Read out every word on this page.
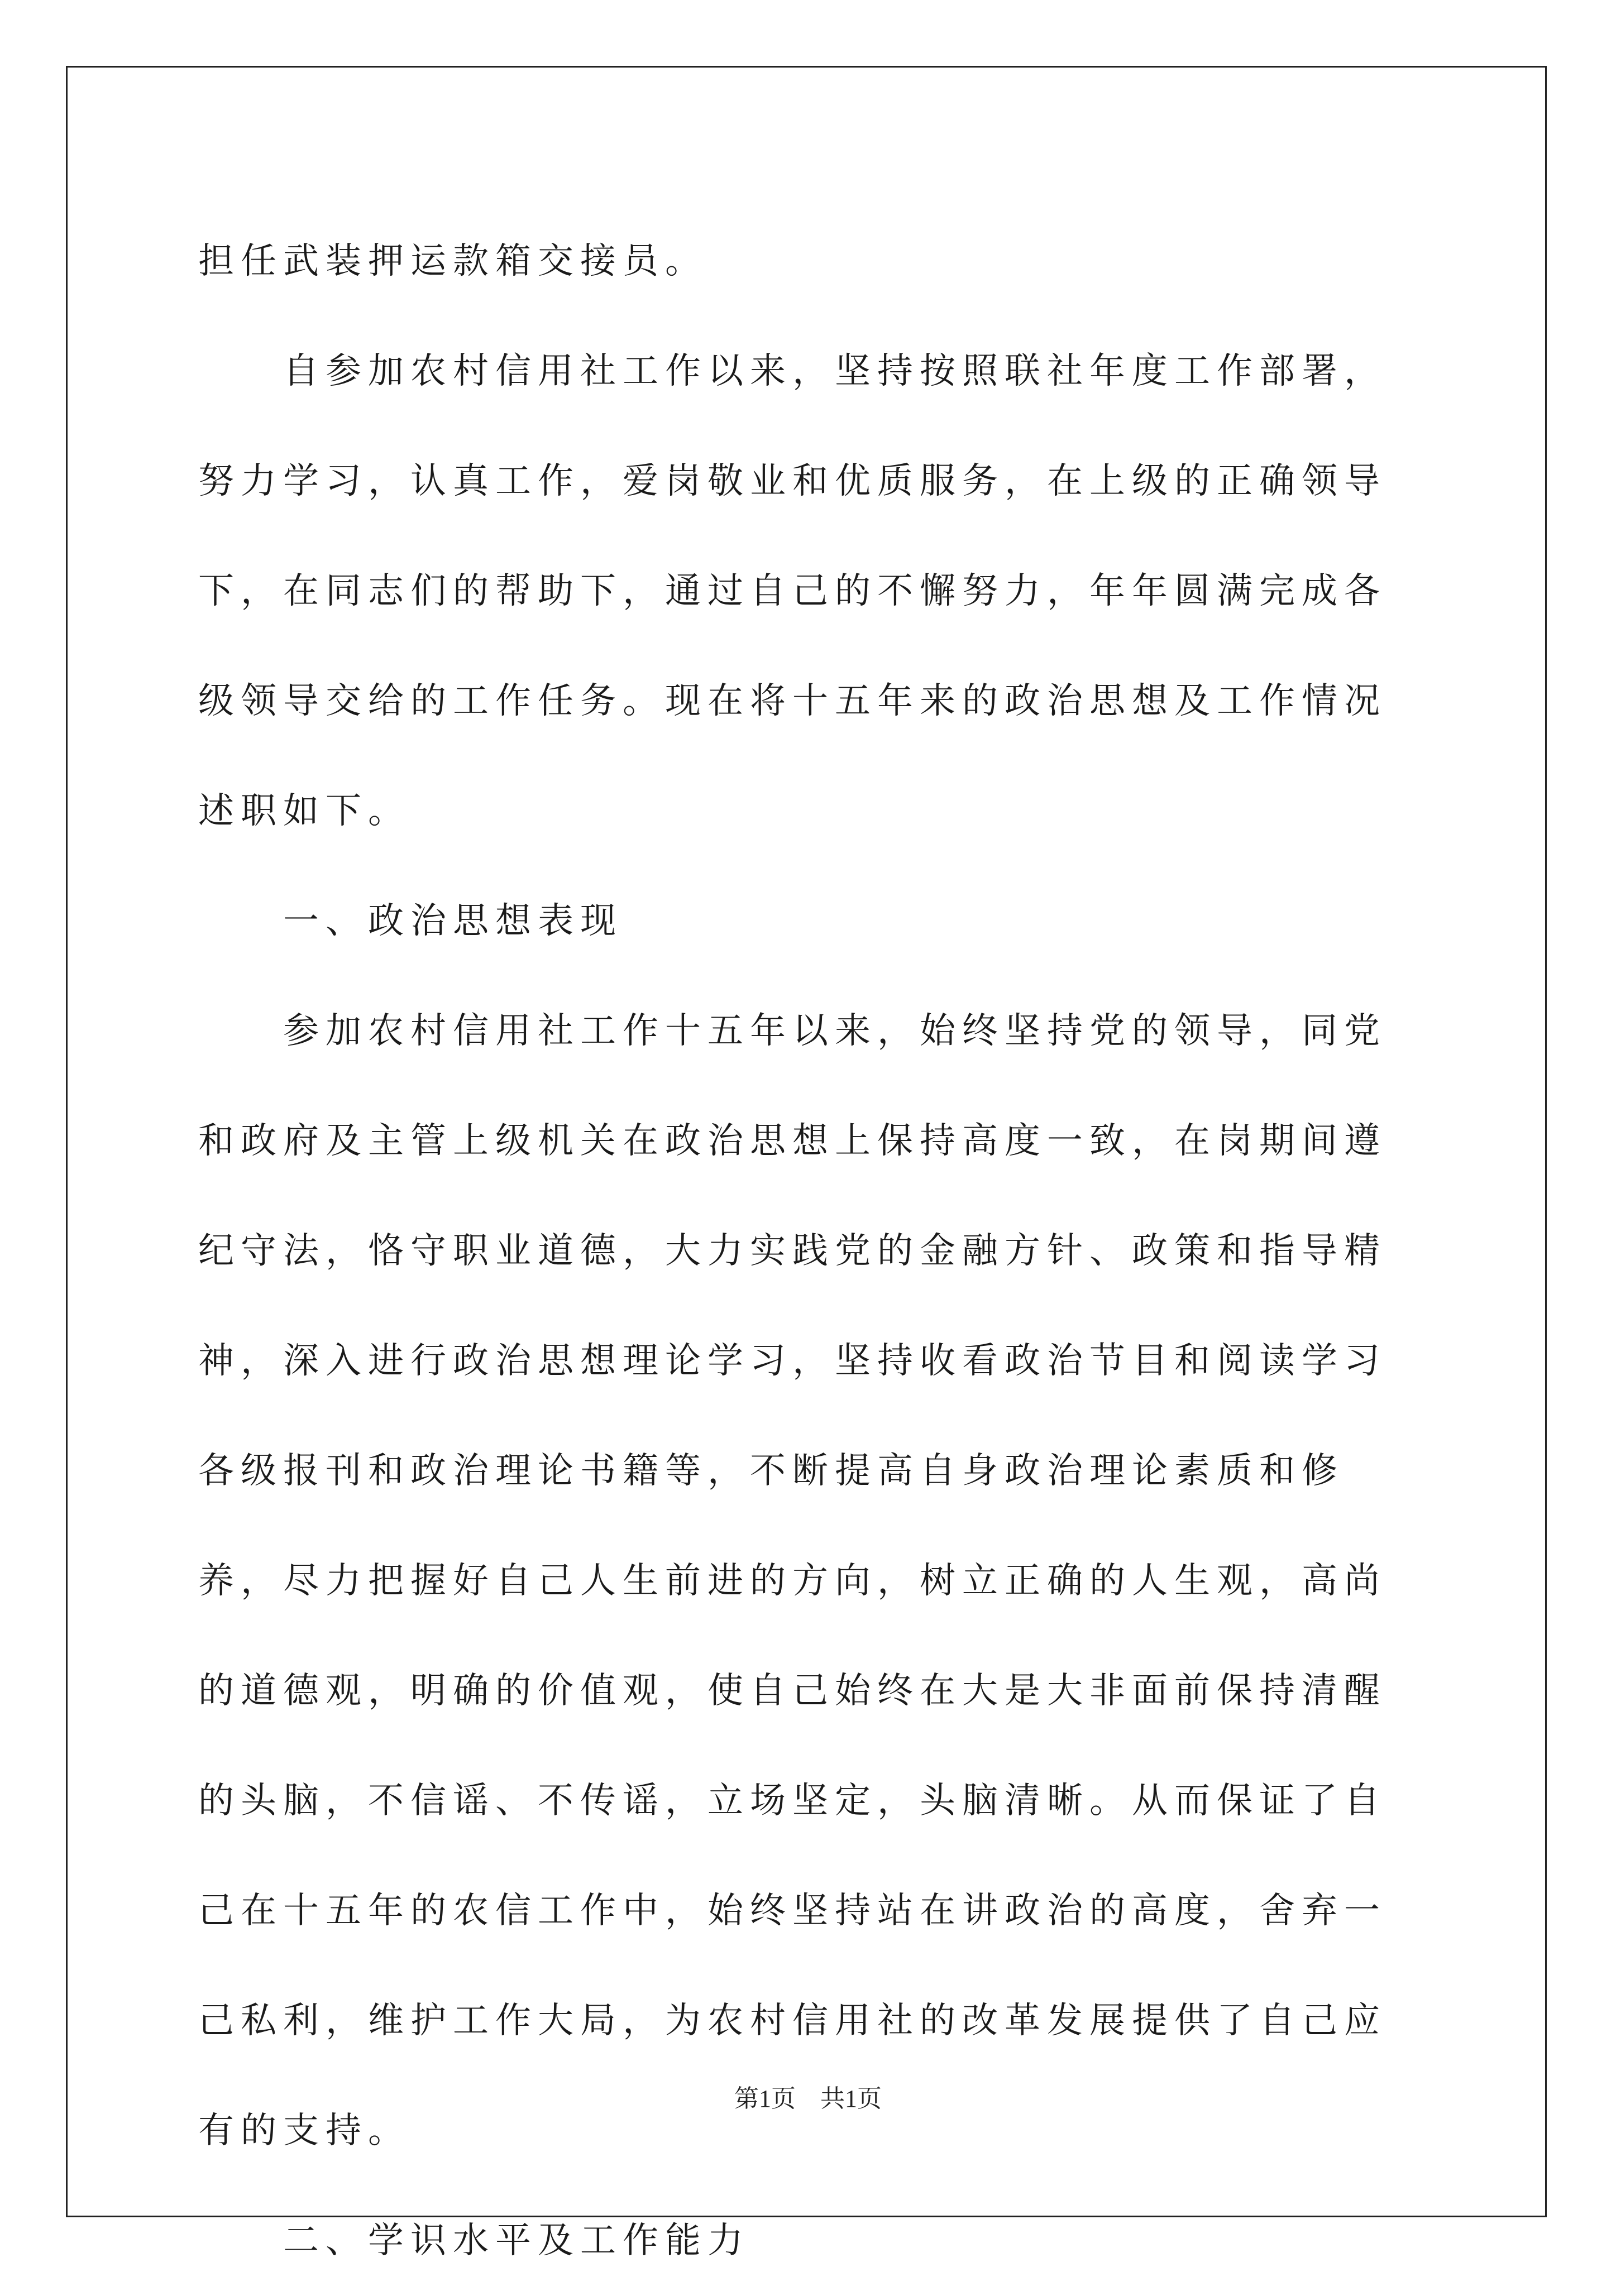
担任武装押运款箱交接员。

自参加农村信用社工作以来，坚持按照联社年度工作部署，努力学习，认真工作，爱岗敬业和优质服务，在上级的正确领导下，在同志们的帮助下，通过自己的不懈努力，年年圆满完成各级领导交给的工作任务。现在将十五年来的政治思想及工作情况述职如下。

一、政治思想表现

参加农村信用社工作十五年以来，始终坚持党的领导，同党和政府及主管上级机关在政治思想上保持高度一致，在岗期间遵纪守法，恪守职业道德，大力实践党的金融方针、政策和指导精神，深入进行政治思想理论学习，坚持收看政治节目和阅读学习各级报刊和政治理论书籍等，不断提高自身政治理论素质和修养，尽力把握好自己人生前进的方向，树立正确的人生观，高尚的道德观，明确的价值观，使自己始终在大是大非面前保持清醒的头脑，不信谣、不传谣，立场坚定，头脑清晰。从而保证了自己在十五年的农信工作中，始终坚持站在讲政治的高度，舍弃一己私利，维护工作大局，为农村信用社的改革发展提供了自己应有的支持。

二、学识水平及工作能力

第1页　共1页
